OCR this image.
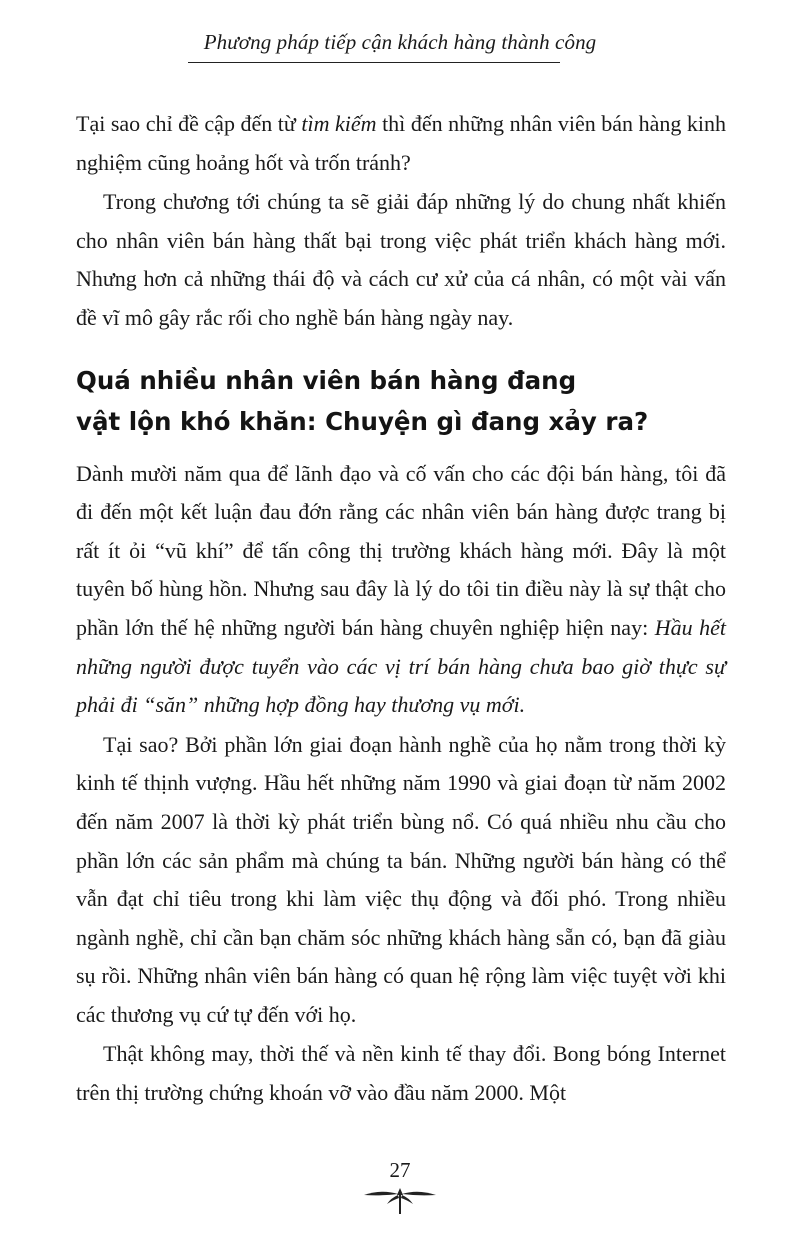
Phương pháp tiếp cận khách hàng thành công

Tại sao chỉ đề cập đến từ tìm kiếm thì đến những nhân viên bán hàng kinh nghiệm cũng hoảng hốt và trốn tránh?

Trong chương tới chúng ta sẽ giải đáp những lý do chung nhất khiến cho nhân viên bán hàng thất bại trong việc phát triển khách hàng mới. Nhưng hơn cả những thái độ và cách cư xử của cá nhân, có một vài vấn đề vĩ mô gây rắc rối cho nghề bán hàng ngày nay.

Quá nhiều nhân viên bán hàng đang
vật lộn khó khăn: Chuyện gì đang xảy ra?

Dành mười năm qua để lãnh đạo và cố vấn cho các đội bán hàng, tôi đã đi đến một kết luận đau đớn rằng các nhân viên bán hàng được trang bị rất ít ỏi “vũ khí” để tấn công thị trường khách hàng mới. Đây là một tuyên bố hùng hồn. Nhưng sau đây là lý do tôi tin điều này là sự thật cho phần lớn thế hệ những người bán hàng chuyên nghiệp hiện nay: Hầu hết những người được tuyển vào các vị trí bán hàng chưa bao giờ thực sự phải đi “săn” những hợp đồng hay thương vụ mới.

Tại sao? Bởi phần lớn giai đoạn hành nghề của họ nằm trong thời kỳ kinh tế thịnh vượng. Hầu hết những năm 1990 và giai đoạn từ năm 2002 đến năm 2007 là thời kỳ phát triển bùng nổ. Có quá nhiều nhu cầu cho phần lớn các sản phẩm mà chúng ta bán. Những người bán hàng có thể vẫn đạt chỉ tiêu trong khi làm việc thụ động và đối phó. Trong nhiều ngành nghề, chỉ cần bạn chăm sóc những khách hàng sẵn có, bạn đã giàu sụ rồi. Những nhân viên bán hàng có quan hệ rộng làm việc tuyệt vời khi các thương vụ cứ tự đến với họ.

Thật không may, thời thế và nền kinh tế thay đổi. Bong bóng Internet trên thị trường chứng khoán vỡ vào đầu năm 2000. Một

27
